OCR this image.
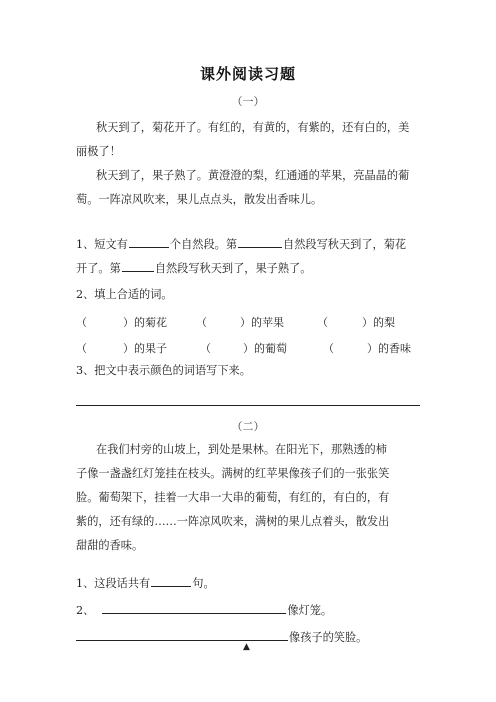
课外阅读习题
（一）
秋天到了，菊花开了。有红的，有黄的，有紫的，还有白的，美
丽极了！
秋天到了，果子熟了。黄澄澄的梨，红通通的苹果，亮晶晶的葡
萄。一阵凉风吹来，果儿点点头，散发出香味儿。
1、短文有	个自然段。第	自然段写秋天到了，菊花
开了。第	自然段写秋天到了，果子熟了。
2、填上合适的词。
（	）的菊花	（	）的苹果	（	）的梨
（	）的果子	（	）的葡萄	（	）的香味
3、把文中表示颜色的词语写下来。
（二）
在我们村旁的山坡上，到处是果林。在阳光下，那熟透的柿
子像一盏盏红灯笼挂在枝头。满树的红苹果像孩子们的一张张笑
脸。葡萄架下，挂着一大串一大串的葡萄，有红的，有白的，有
紫的，还有绿的……一阵凉风吹来，满树的果儿点着头，散发出
甜甜的香味。
1、这段话共有	句。
2、	像灯笼。
像孩子的笑脸。
▲
